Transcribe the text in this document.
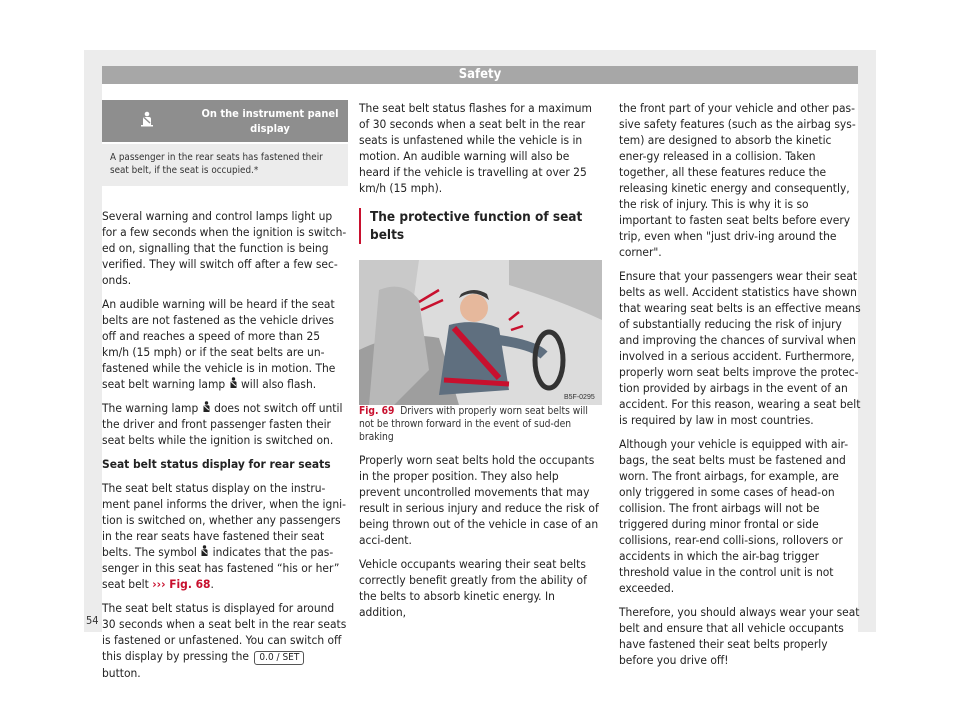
Safety
	On the instrument panel display
A passenger in the rear seats has fastened their seat belt, if the seat is occupied.*

Several warning and control lamps light up for a few seconds when the ignition is switch-ed on, signalling that the function is being verified. They will switch off after a few sec-onds.

An audible warning will be heard if the seat belts are not fastened as the vehicle drives off and reaches a speed of more than 25 km/h (15 mph) or if the seat belts are un-fastened while the vehicle is in motion. The seat belt warning lamp will also flash.

The warning lamp does not switch off until the driver and front passenger fasten their seat belts while the ignition is switched on.

Seat belt status display for rear seats

The seat belt status display on the instru-ment panel informs the driver, when the igni-tion is switched on, whether any passengers in the rear seats have fastened their seat belts. The symbol indicates that the pas-senger in this seat has fastened “his or her” seat belt ››› Fig. 68.

The seat belt status is displayed for around 30 seconds when a seat belt in the rear seats is fastened or unfastened. You can switch off this display by pressing the 0.0 / SET button.

The seat belt status flashes for a maximum of 30 seconds when a seat belt in the rear seats is unfastened while the vehicle is in motion. An audible warning will also be heard if the vehicle is travelling at over 25 km/h (15 mph).

The protective function of seat belts
B5F-0295

Fig. 69 Drivers with properly worn seat belts will not be thrown forward in the event of sud-den braking

Properly worn seat belts hold the occupants in the proper position. They also help prevent uncontrolled movements that may result in serious injury and reduce the risk of being thrown out of the vehicle in case of an acci-dent.

Vehicle occupants wearing their seat belts correctly benefit greatly from the ability of the belts to absorb kinetic energy. In addition,

the front part of your vehicle and other pas-sive safety features (such as the airbag sys-tem) are designed to absorb the kinetic ener-gy released in a collision. Taken together, all these features reduce the releasing kinetic energy and consequently, the risk of injury. This is why it is so important to fasten seat belts before every trip, even when "just driv-ing around the corner".

Ensure that your passengers wear their seat belts as well. Accident statistics have shown that wearing seat belts is an effective means of substantially reducing the risk of injury and improving the chances of survival when involved in a serious accident. Furthermore, properly worn seat belts improve the protec-tion provided by airbags in the event of an accident. For this reason, wearing a seat belt is required by law in most countries.

Although your vehicle is equipped with air-bags, the seat belts must be fastened and worn. The front airbags, for example, are only triggered in some cases of head-on collision. The front airbags will not be triggered during minor frontal or side collisions, rear-end colli-sions, rollovers or accidents in which the air-bag trigger threshold value in the control unit is not exceeded.

Therefore, you should always wear your seat belt and ensure that all vehicle occupants have fastened their seat belts properly before you drive off!

54
